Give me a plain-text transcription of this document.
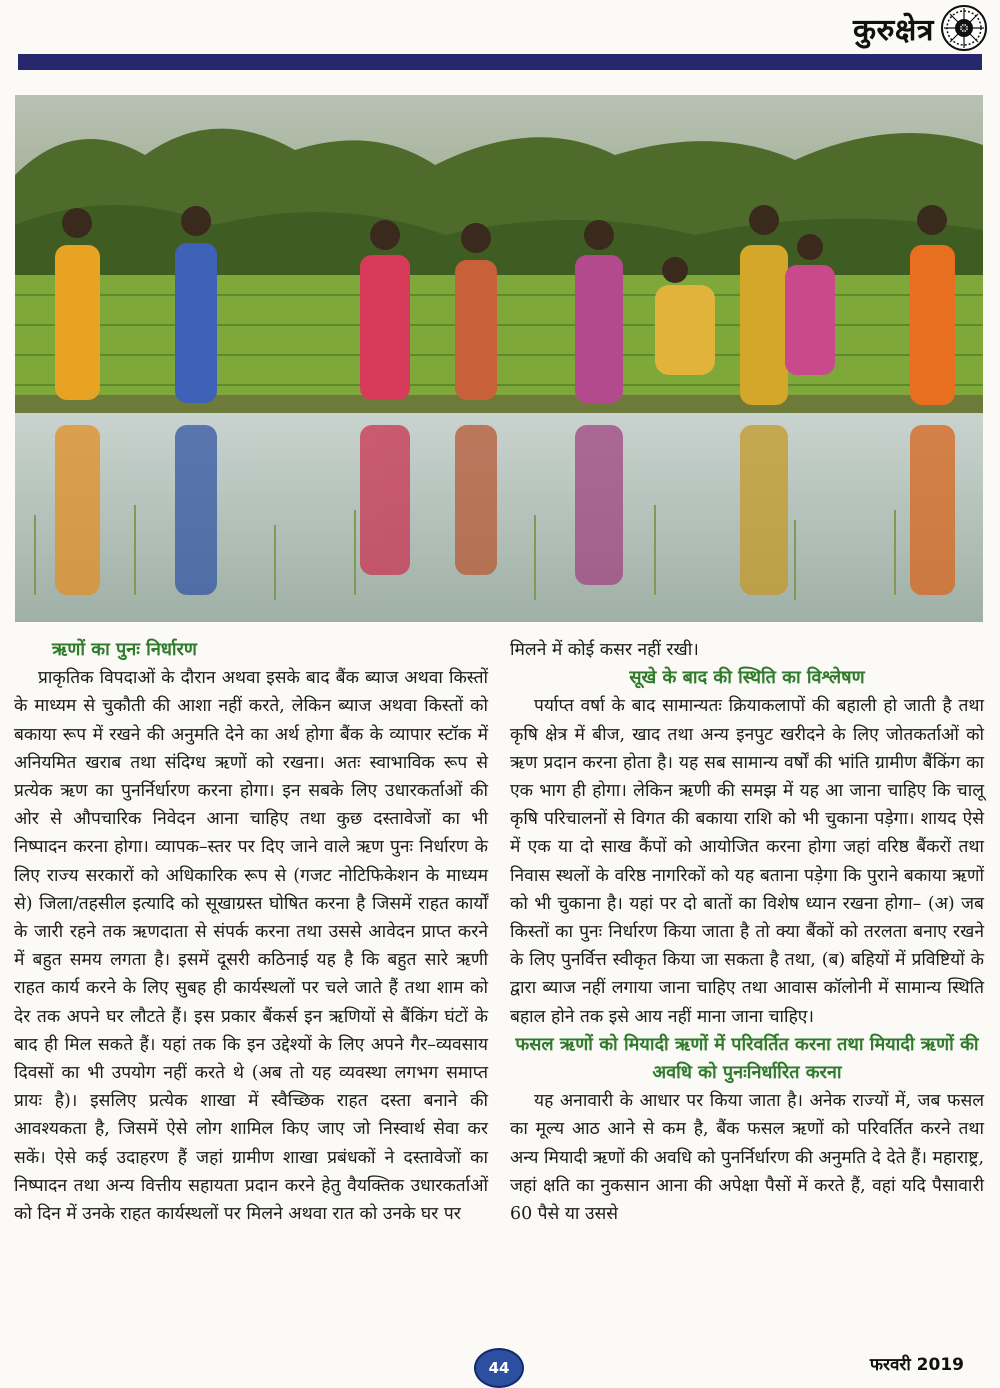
कुरुक्षेत्र
ऋणों का पुनः निर्धारण

प्राकृतिक विपदाओं के दौरान अथवा इसके बाद बैंक ब्याज अथवा किस्तों के माध्यम से चुकौती की आशा नहीं करते, लेकिन ब्याज अथवा किस्तों को बकाया रूप में रखने की अनुमति देने का अर्थ होगा बैंक के व्यापार स्टॉक में अनियमित खराब तथा संदिग्ध ऋणों को रखना। अतः स्वाभाविक रूप से प्रत्येक ऋण का पुनर्निर्धारण करना होगा। इन सबके लिए उधारकर्ताओं की ओर से औपचारिक निवेदन आना चाहिए तथा कुछ दस्तावेजों का भी निष्पादन करना होगा। व्यापक–स्तर पर दिए जाने वाले ऋण पुनः निर्धारण के लिए राज्य सरकारों को अधिकारिक रूप से (गजट नोटिफिकेशन के माध्यम से) जिला/तहसील इत्यादि को सूखाग्रस्त घोषित करना है जिसमें राहत कार्यों के जारी रहने तक ऋणदाता से संपर्क करना तथा उससे आवेदन प्राप्त करने में बहुत समय लगता है। इसमें दूसरी कठिनाई यह है कि बहुत सारे ऋणी राहत कार्य करने के लिए सुबह ही कार्यस्थलों पर चले जाते हैं तथा शाम को देर तक अपने घर लौटते हैं। इस प्रकार बैंकर्स इन ऋणियों से बैंकिंग घंटों के बाद ही मिल सकते हैं। यहां तक कि इन उद्देश्यों के लिए अपने गैर–व्यवसाय दिवसों का भी उपयोग नहीं करते थे (अब तो यह व्यवस्था लगभग समाप्त प्रायः है)। इसलिए प्रत्येक शाखा में स्वैच्छिक राहत दस्ता बनाने की आवश्यकता है, जिसमें ऐसे लोग शामिल किए जाए जो निस्वार्थ सेवा कर सकें। ऐसे कई उदाहरण हैं जहां ग्रामीण शाखा प्रबंधकों ने दस्तावेजों का निष्पादन तथा अन्य वित्तीय सहायता प्रदान करने हेतु वैयक्तिक उधारकर्ताओं को दिन में उनके राहत कार्यस्थलों पर मिलने अथवा रात को उनके घर पर

मिलने में कोई कसर नहीं रखी।

सूखे के बाद की स्थिति का विश्लेषण

पर्याप्त वर्षा के बाद सामान्यतः क्रियाकलापों की बहाली हो जाती है तथा कृषि क्षेत्र में बीज, खाद तथा अन्य इनपुट खरीदने के लिए जोतकर्ताओं को ऋण प्रदान करना होता है। यह सब सामान्य वर्षों की भांति ग्रामीण बैंकिंग का एक भाग ही होगा। लेकिन ऋणी की समझ में यह आ जाना चाहिए कि चालू कृषि परिचालनों से विगत की बकाया राशि को भी चुकाना पड़ेगा। शायद ऐसे में एक या दो साख कैंपों को आयोजित करना होगा जहां वरिष्ठ बैंकरों तथा निवास स्थलों के वरिष्ठ नागरिकों को यह बताना पड़ेगा कि पुराने बकाया ऋणों को भी चुकाना है। यहां पर दो बातों का विशेष ध्यान रखना होगा– (अ) जब किस्तों का पुनः निर्धारण किया जाता है तो क्या बैंकों को तरलता बनाए रखने के लिए पुनर्वित्त स्वीकृत किया जा सकता है तथा, (ब) बहियों में प्रविष्टियों के द्वारा ब्याज नहीं लगाया जाना चाहिए तथा आवास कॉलोनी में सामान्य स्थिति बहाल होने तक इसे आय नहीं माना जाना चाहिए।

फसल ऋणों को मियादी ऋणों में परिवर्तित करना तथा मियादी ऋणों की अवधि को पुनःनिर्धारित करना

यह अनावारी के आधार पर किया जाता है। अनेक राज्यों में, जब फसल का मूल्य आठ आने से कम है, बैंक फसल ऋणों को परिवर्तित करने तथा अन्य मियादी ऋणों की अवधि को पुनर्निर्धारण की अनुमति दे देते हैं। महाराष्ट्र, जहां क्षति का नुकसान आना की अपेक्षा पैसों में करते हैं, वहां यदि पैसावारी 60 पैसे या उससे

44	फरवरी 2019
